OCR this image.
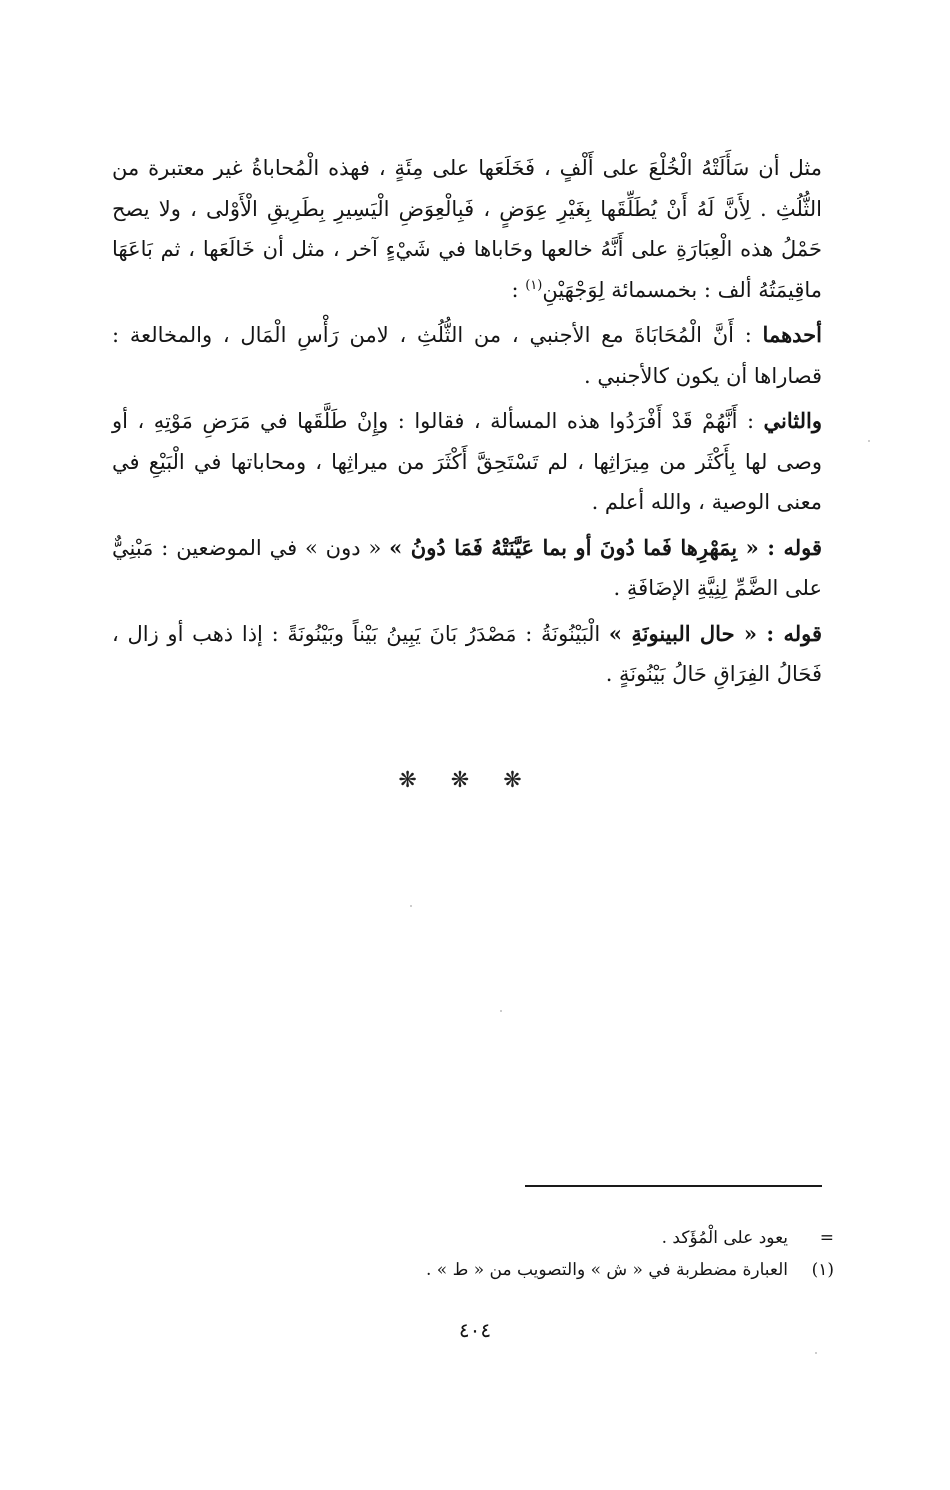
مثل أن سَأَلَتْهُ الْخُلْعَ على أَلْفٍ ، فَخَلَعَها على مِئَةٍ ، فهذه الْمُحاباةُ غير معتبرة من الثُّلُثِ . لِأَنَّ لَهُ أَنْ يُطَلِّقَها بِغَيْرِ عِوَضٍ ، فَبِالْعِوَضِ الْيَسِيرِ بِطَرِيقِ الْأَوْلى ، ولا يصح حَمْلُ هذه الْعِبَارَةِ على أَنَّهُ خالعها وحَاباها في شَيْءٍ آخر ، مثل أن خَالَعَها ، ثم بَاعَهَا ماقِيمَتُهُ ألف : بخمسمائة لِوَجْهَيْنِ$^{(١)}$ :

أحدهما : أَنَّ الْمُحَابَاةَ مع الأجنبي ، من الثُّلُثِ ، لامن رَأْسِ الْمَال ، والمخالعة : قصاراها أن يكون كالأجنبي .

والثاني : أَنَّهُمْ قَدْ أَفْرَدُوا هذه المسألة ، فقالوا : وإِنْ طَلَّقَها في مَرَضِ مَوْتِهِ ، أو وصى لها بِأَكْثَر من مِيرَاثِها ، لم تَسْتَحِقَّ أَكْثَرَ من ميراثِها ، ومحاباتها في الْبَيْعِ في معنى الوصية ، والله أعلم .

قوله : « بِمَهْرِها فَما دُونَ أو بما عَيَّنَتْهُ فَمَا دُونُ » « دون » في الموضعين : مَبْنِيٌّ على الضَّمِّ لِنِيَّةِ الإضَافَةِ .

قوله : « حال البينونَةِ » الْبَيْنُونَةُ : مَصْدَرُ بَانَ يَبِينُ بَيْناً وبَيْنُونَةً : إذا ذهب أو زال ، فَحَالُ الفِرَاقِ حَالُ بَيْنُونَةٍ .

❋ ❋ ❋
=يعود على الْمُؤَكد .
(١)العبارة مضطربة في « ش » والتصويب من « ط » .
٤٠٤
